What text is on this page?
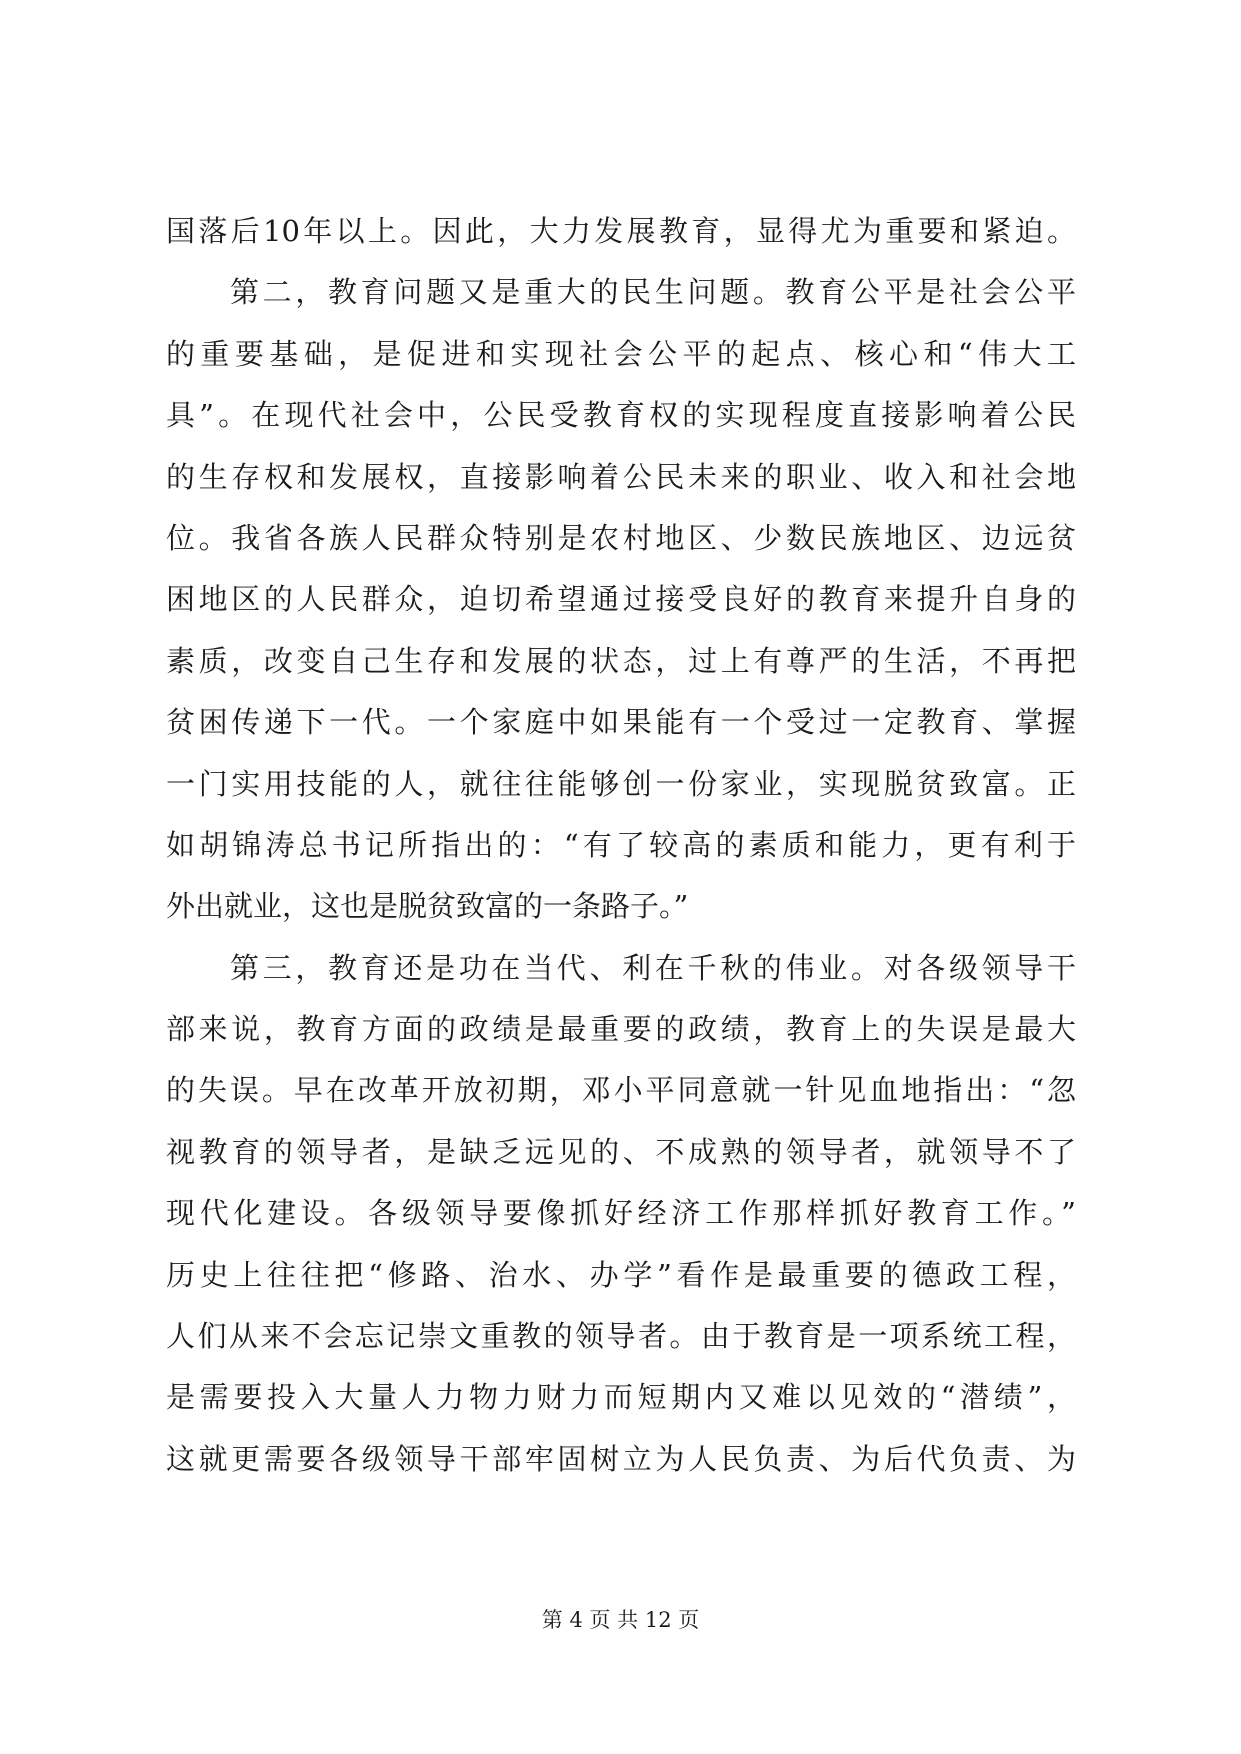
国落后10年以上。因此，大力发展教育，显得尤为重要和紧迫。
第二，教育问题又是重大的民生问题。教育公平是社会公平
的重要基础，是促进和实现社会公平的起点、核心和“伟大工
具”。在现代社会中，公民受教育权的实现程度直接影响着公民
的生存权和发展权，直接影响着公民未来的职业、收入和社会地
位。我省各族人民群众特别是农村地区、少数民族地区、边远贫
困地区的人民群众，迫切希望通过接受良好的教育来提升自身的
素质，改变自己生存和发展的状态，过上有尊严的生活，不再把
贫困传递下一代。一个家庭中如果能有一个受过一定教育、掌握
一门实用技能的人，就往往能够创一份家业，实现脱贫致富。正
如胡锦涛总书记所指出的：“有了较高的素质和能力，更有利于
外出就业，这也是脱贫致富的一条路子。”
第三，教育还是功在当代、利在千秋的伟业。对各级领导干
部来说，教育方面的政绩是最重要的政绩，教育上的失误是最大
的失误。早在改革开放初期，邓小平同意就一针见血地指出：“忽
视教育的领导者，是缺乏远见的、不成熟的领导者，就领导不了
现代化建设。各级领导要像抓好经济工作那样抓好教育工作。”
历史上往往把“修路、治水、办学”看作是最重要的德政工程，
人们从来不会忘记崇文重教的领导者。由于教育是一项系统工程，
是需要投入大量人力物力财力而短期内又难以见效的“潜绩”，
这就更需要各级领导干部牢固树立为人民负责、为后代负责、为
第 4 页 共 12 页
